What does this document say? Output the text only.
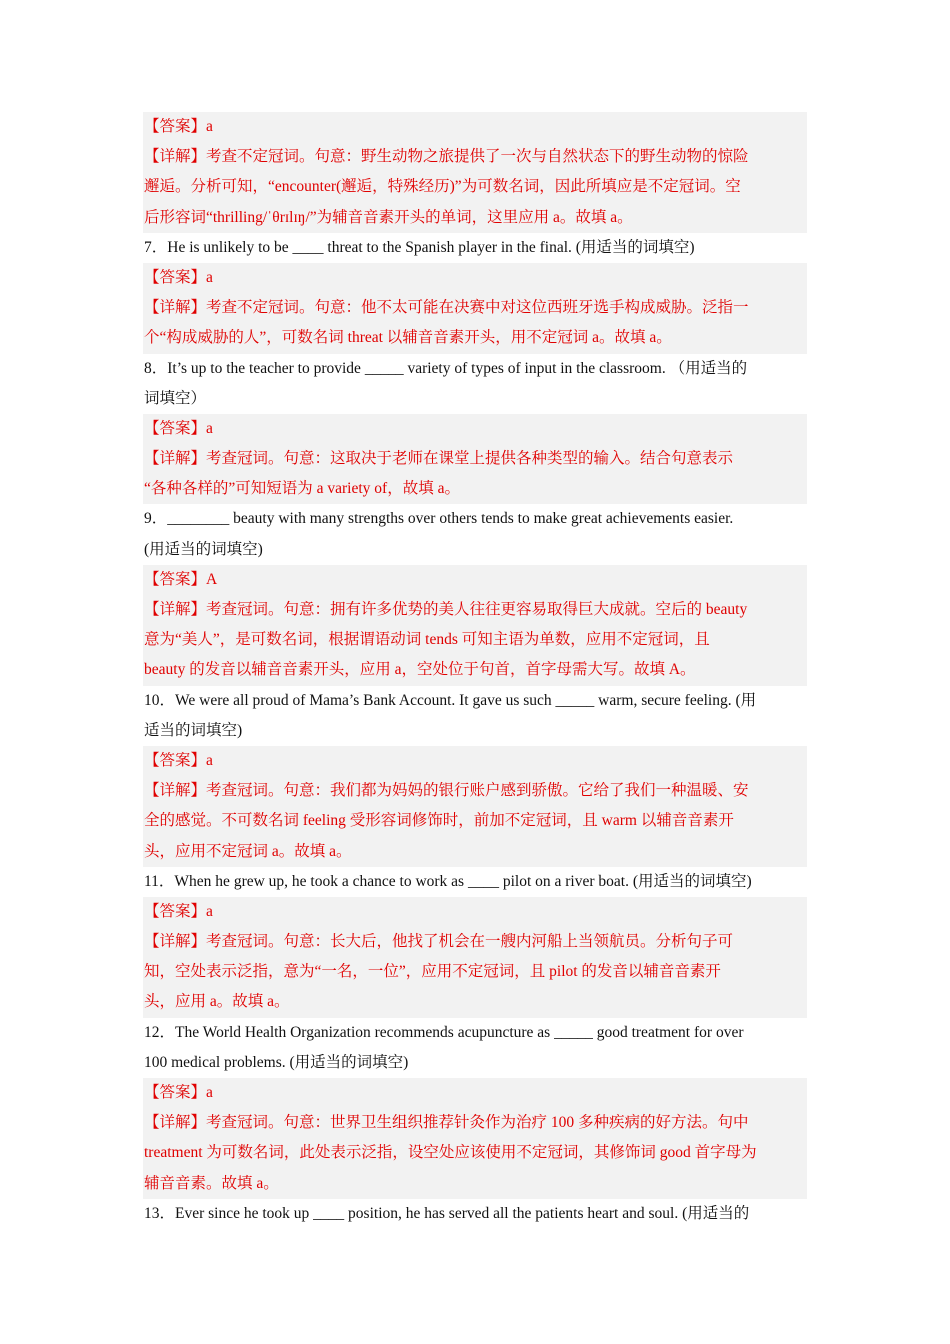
【答案】a
【详解】考查不定冠词。句意：野生动物之旅提供了一次与自然状态下的野生动物的惊险
邂逅。分析可知，“encounter(邂逅，特殊经历)”为可数名词，因此所填应是不定冠词。空
后形容词“thrilling/ˈθrɪlɪŋ/”为辅音音素开头的单词，这里应用 a。故填 a。
7．He is unlikely to be ____ threat to the Spanish player in the final. (用适当的词填空)
【答案】a
【详解】考查不定冠词。句意：他不太可能在决赛中对这位西班牙选手构成威胁。泛指一
个“构成威胁的人”，可数名词 threat 以辅音音素开头，用不定冠词 a。故填 a。
8．It’s up to the teacher to provide _____ variety of types of input in the classroom. （用适当的
词填空）
【答案】a
【详解】考查冠词。句意：这取决于老师在课堂上提供各种类型的输入。结合句意表示
“各种各样的”可知短语为 a variety of，故填 a。
9．________ beauty with many strengths over others tends to make great achievements easier.
(用适当的词填空)
【答案】A
【详解】考查冠词。句意：拥有许多优势的美人往往更容易取得巨大成就。空后的 beauty
意为“美人”，是可数名词，根据谓语动词 tends 可知主语为单数，应用不定冠词，且
beauty 的发音以辅音音素开头，应用 a，空处位于句首，首字母需大写。故填 A。
10．We were all proud of Mama’s Bank Account. It gave us such _____ warm, secure feeling. (用
适当的词填空)
【答案】a
【详解】考查冠词。句意：我们都为妈妈的银行账户感到骄傲。它给了我们一种温暖、安
全的感觉。不可数名词 feeling 受形容词修饰时，前加不定冠词，且 warm 以辅音音素开
头，应用不定冠词 a。故填 a。
11．When he grew up, he took a chance to work as ____ pilot on a river boat. (用适当的词填空)
【答案】a
【详解】考查冠词。句意：长大后，他找了机会在一艘内河船上当领航员。分析句子可
知，空处表示泛指，意为“一名，一位”，应用不定冠词，且 pilot 的发音以辅音音素开
头，应用 a。故填 a。
12．The World Health Organization recommends acupuncture as _____ good treatment for over
100 medical problems. (用适当的词填空)
【答案】a
【详解】考查冠词。句意：世界卫生组织推荐针灸作为治疗 100 多种疾病的好方法。句中
treatment 为可数名词，此处表示泛指，设空处应该使用不定冠词，其修饰词 good 首字母为
辅音音素。故填 a。
13．Ever since he took up ____ position, he has served all the patients heart and soul. (用适当的
